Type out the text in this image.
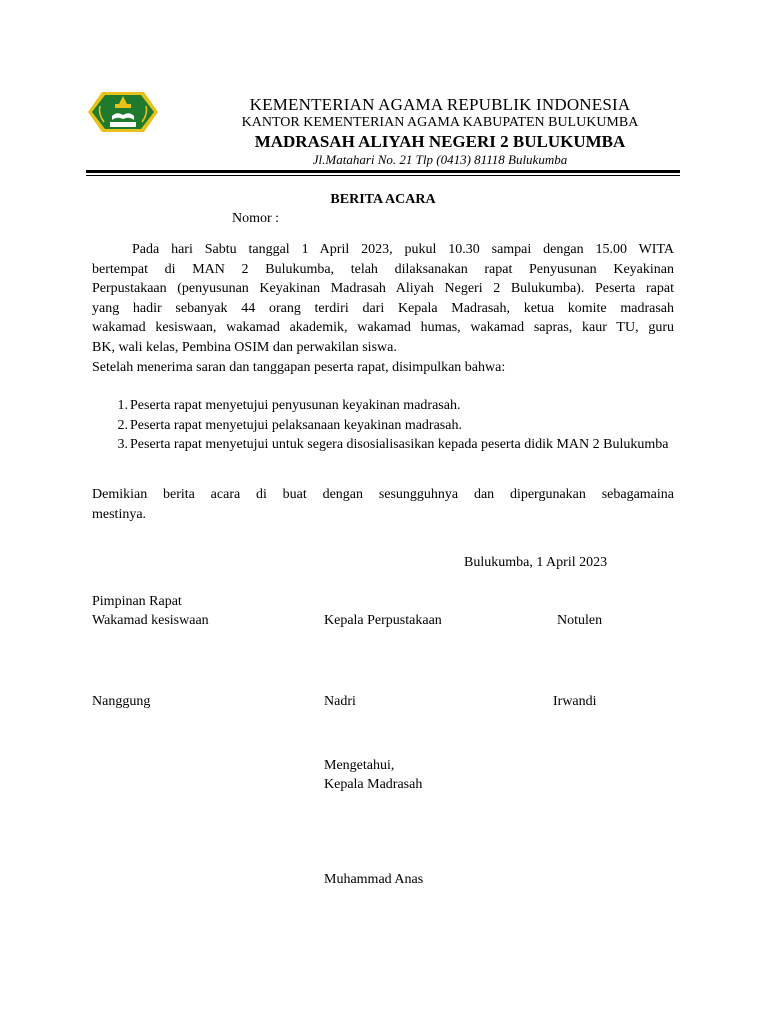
KEMENTERIAN AGAMA REPUBLIK INDONESIA
KANTOR KEMENTERIAN AGAMA KABUPATEN BULUKUMBA
MADRASAH ALIYAH NEGERI 2 BULUKUMBA
Jl.Matahari No. 21 Tlp (0413) 81118 Bulukumba
BERITA ACARA
Nomor :
Pada hari Sabtu tanggal 1 April 2023, pukul 10.30 sampai dengan 15.00 WITA
bertempat di MAN 2 Bulukumba, telah dilaksanakan rapat Penyusunan Keyakinan
Perpustakaan (penyusunan Keyakinan Madrasah Aliyah Negeri 2 Bulukumba). Peserta rapat
yang hadir sebanyak 44 orang terdiri dari Kepala Madrasah, ketua komite madrasah
wakamad kesiswaan, wakamad akademik, wakamad humas, wakamad sapras, kaur TU, guru
BK, wali kelas, Pembina OSIM dan perwakilan siswa.
Setelah menerima saran dan tanggapan peserta rapat, disimpulkan bahwa:
1. Peserta rapat menyetujui penyusunan keyakinan madrasah.
2. Peserta rapat menyetujui pelaksanaan keyakinan madrasah.
3. Peserta rapat menyetujui untuk segera disosialisasikan kepada peserta didik MAN 2 Bulukumba
Demikian berita acara di buat dengan sesungguhnya dan dipergunakan sebagamaina
mestinya.
Bulukumba, 1 April 2023
Pimpinan Rapat
Wakamad kesiswaan	Kepala Perpustakaan	Notulen
Nanggung	Nadri	Irwandi
Mengetahui,
Kepala Madrasah
Muhammad Anas
